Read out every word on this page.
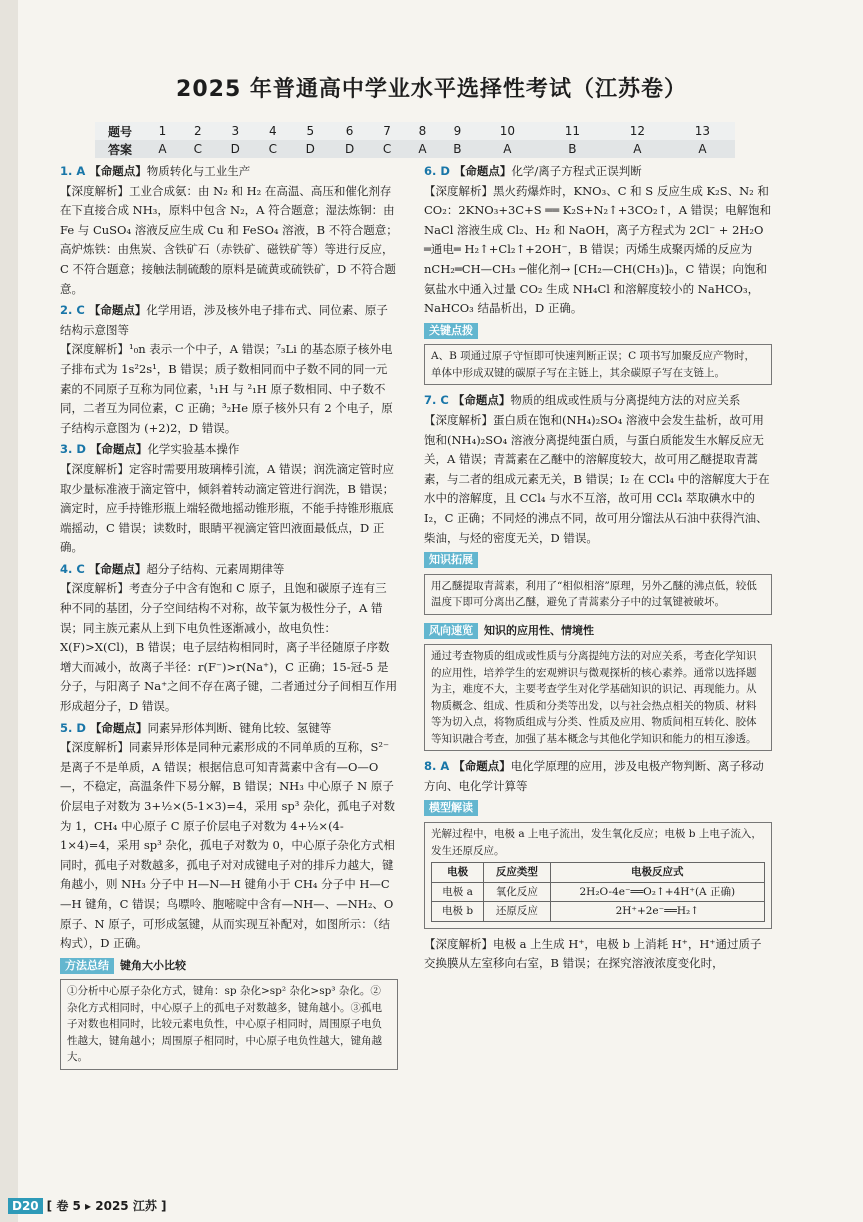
2025 年普通高中学业水平选择性考试（江苏卷）
题号	1	2	3	4	5	6	7	8	9	10	11	12	13
答案	A	C	D	C	D	D	C	A	B	A	B	A	A
1. A 【命题点】物质转化与工业生产
【深度解析】工业合成氨：由 N₂ 和 H₂ 在高温、高压和催化剂存在下直接合成 NH₃，原料中包含 N₂，A 符合题意；湿法炼铜：由 Fe 与 CuSO₄ 溶液反应生成 Cu 和 FeSO₄ 溶液，B 不符合题意；高炉炼铁：由焦炭、含铁矿石（赤铁矿、磁铁矿等）等进行反应，C 不符合题意；接触法制硫酸的原料是硫黄或硫铁矿，D 不符合题意。
2. C 【命题点】化学用语，涉及核外电子排布式、同位素、原子结构示意图等
【深度解析】¹₀n 表示一个中子，A 错误；⁷₃Li 的基态原子核外电子排布式为 1s²2s¹，B 错误；质子数相同而中子数不同的同一元素的不同原子互称为同位素，¹₁H 与 ²₁H 原子数相同、中子数不同，二者互为同位素，C 正确；³₂He 原子核外只有 2 个电子，原子结构示意图为 (+2)2，D 错误。
3. D 【命题点】化学实验基本操作
【深度解析】定容时需要用玻璃棒引流，A 错误；润洗滴定管时应取少量标准液于滴定管中，倾斜着转动滴定管进行润洗，B 错误；滴定时，应手持锥形瓶上端轻微地摇动锥形瓶，不能手持锥形瓶底端摇动，C 错误；读数时，眼睛平视滴定管凹液面最低点，D 正确。
4. C 【命题点】超分子结构、元素周期律等
【深度解析】考查分子中含有饱和 C 原子，且饱和碳原子连有三种不同的基团，分子空间结构不对称，故苄氯为极性分子，A 错误；同主族元素从上到下电负性逐渐减小，故电负性：X(F)>X(Cl)，B 错误；电子层结构相同时，离子半径随原子序数增大而减小，故离子半径：r(F⁻)>r(Na⁺)，C 正确；15-冠-5 是分子，与阳离子 Na⁺之间不存在离子键，二者通过分子间相互作用形成超分子，D 错误。
5. D 【命题点】同素异形体判断、键角比较、氢键等
【深度解析】同素异形体是同种元素形成的不同单质的互称，S²⁻是离子不是单质，A 错误；根据信息可知青蒿素中含有—O—O—，不稳定，高温条件下易分解，B 错误；NH₃ 中心原子 N 原子价层电子对数为 3+½×(5-1×3)=4，采用 sp³ 杂化，孤电子对数为 1，CH₄ 中心原子 C 原子价层电子对数为 4+½×(4-1×4)=4，采用 sp³ 杂化，孤电子对数为 0，中心原子杂化方式相同时，孤电子对数越多，孤电子对对成键电子对的排斥力越大，键角越小，则 NH₃ 分子中 H—N—H 键角小于 CH₄ 分子中 H—C—H 键角，C 错误；鸟嘌呤、胞嘧啶中含有—NH—、—NH₂、O 原子、N 原子，可形成氢键，从而实现互补配对，如图所示：（结构式），D 正确。
方法总结 键角大小比较
①分析中心原子杂化方式，键角：sp 杂化>sp² 杂化>sp³ 杂化。②杂化方式相同时，中心原子上的孤电子对数越多，键角越小。③孤电子对数也相同时，比较元素电负性，中心原子相同时，周围原子电负性越大，键角越小；周围原子相同时，中心原子电负性越大，键角越大。
6. D 【命题点】化学/离子方程式正误判断
【深度解析】黑火药爆炸时，KNO₃、C 和 S 反应生成 K₂S、N₂ 和 CO₂：2KNO₃+3C+S ══ K₂S+N₂↑+3CO₂↑，A 错误；电解饱和 NaCl 溶液生成 Cl₂、H₂ 和 NaOH，离子方程式为 2Cl⁻ + 2H₂O ═通电═ H₂↑+Cl₂↑+2OH⁻，B 错误；丙烯生成聚丙烯的反应为 nCH₂═CH—CH₃ ─催化剂→ [CH₂—CH(CH₃)]ₙ，C 错误；向饱和氨盐水中通入过量 CO₂ 生成 NH₄Cl 和溶解度较小的 NaHCO₃，NaHCO₃ 结晶析出，D 正确。
关键点拨
A、B 项通过原子守恒即可快速判断正误；C 项书写加聚反应产物时，单体中形成双键的碳原子写在主链上，其余碳原子写在支链上。
7. C 【命题点】物质的组成或性质与分离提纯方法的对应关系
【深度解析】蛋白质在饱和(NH₄)₂SO₄ 溶液中会发生盐析，故可用饱和(NH₄)₂SO₄ 溶液分离提纯蛋白质，与蛋白质能发生水解反应无关，A 错误；青蒿素在乙醚中的溶解度较大，故可用乙醚提取青蒿素，与二者的组成元素无关，B 错误；I₂ 在 CCl₄ 中的溶解度大于在水中的溶解度，且 CCl₄ 与水不互溶，故可用 CCl₄ 萃取碘水中的 I₂，C 正确；不同烃的沸点不同，故可用分馏法从石油中获得汽油、柴油，与烃的密度无关，D 错误。
知识拓展
用乙醚提取青蒿素，利用了“相似相溶”原理，另外乙醚的沸点低，较低温度下即可分离出乙醚，避免了青蒿素分子中的过氧键被破坏。
风向速览 知识的应用性、情境性
通过考查物质的组成或性质与分离提纯方法的对应关系，考查化学知识的应用性，培养学生的宏观辨识与微观探析的核心素养。通常以选择题为主，难度不大，主要考查学生对化学基础知识的识记、再现能力。从物质概念、组成、性质和分类等出发，以与社会热点相关的物质、材料等为切入点，将物质组成与分类、性质及应用、物质间相互转化、胶体等知识融合考查，加强了基本概念与其他化学知识和能力的相互渗透。
8. A 【命题点】电化学原理的应用，涉及电极产物判断、离子移动方向、电化学计算等
模型解读
光解过程中，电极 a 上电子流出，发生氧化反应；电极 b 上电子流入，发生还原反应。
电极	反应类型	电极反应式
电极 a	氧化反应	2H₂O-4e⁻══O₂↑+4H⁺(A 正确)
电极 b	还原反应	2H⁺+2e⁻══H₂↑
【深度解析】电极 a 上生成 H⁺，电极 b 上消耗 H⁺，H⁺通过质子交换膜从左室移向右室，B 错误；在探究溶液浓度变化时，
D20 [ 卷 5 ▸ 2025 江苏 ]
